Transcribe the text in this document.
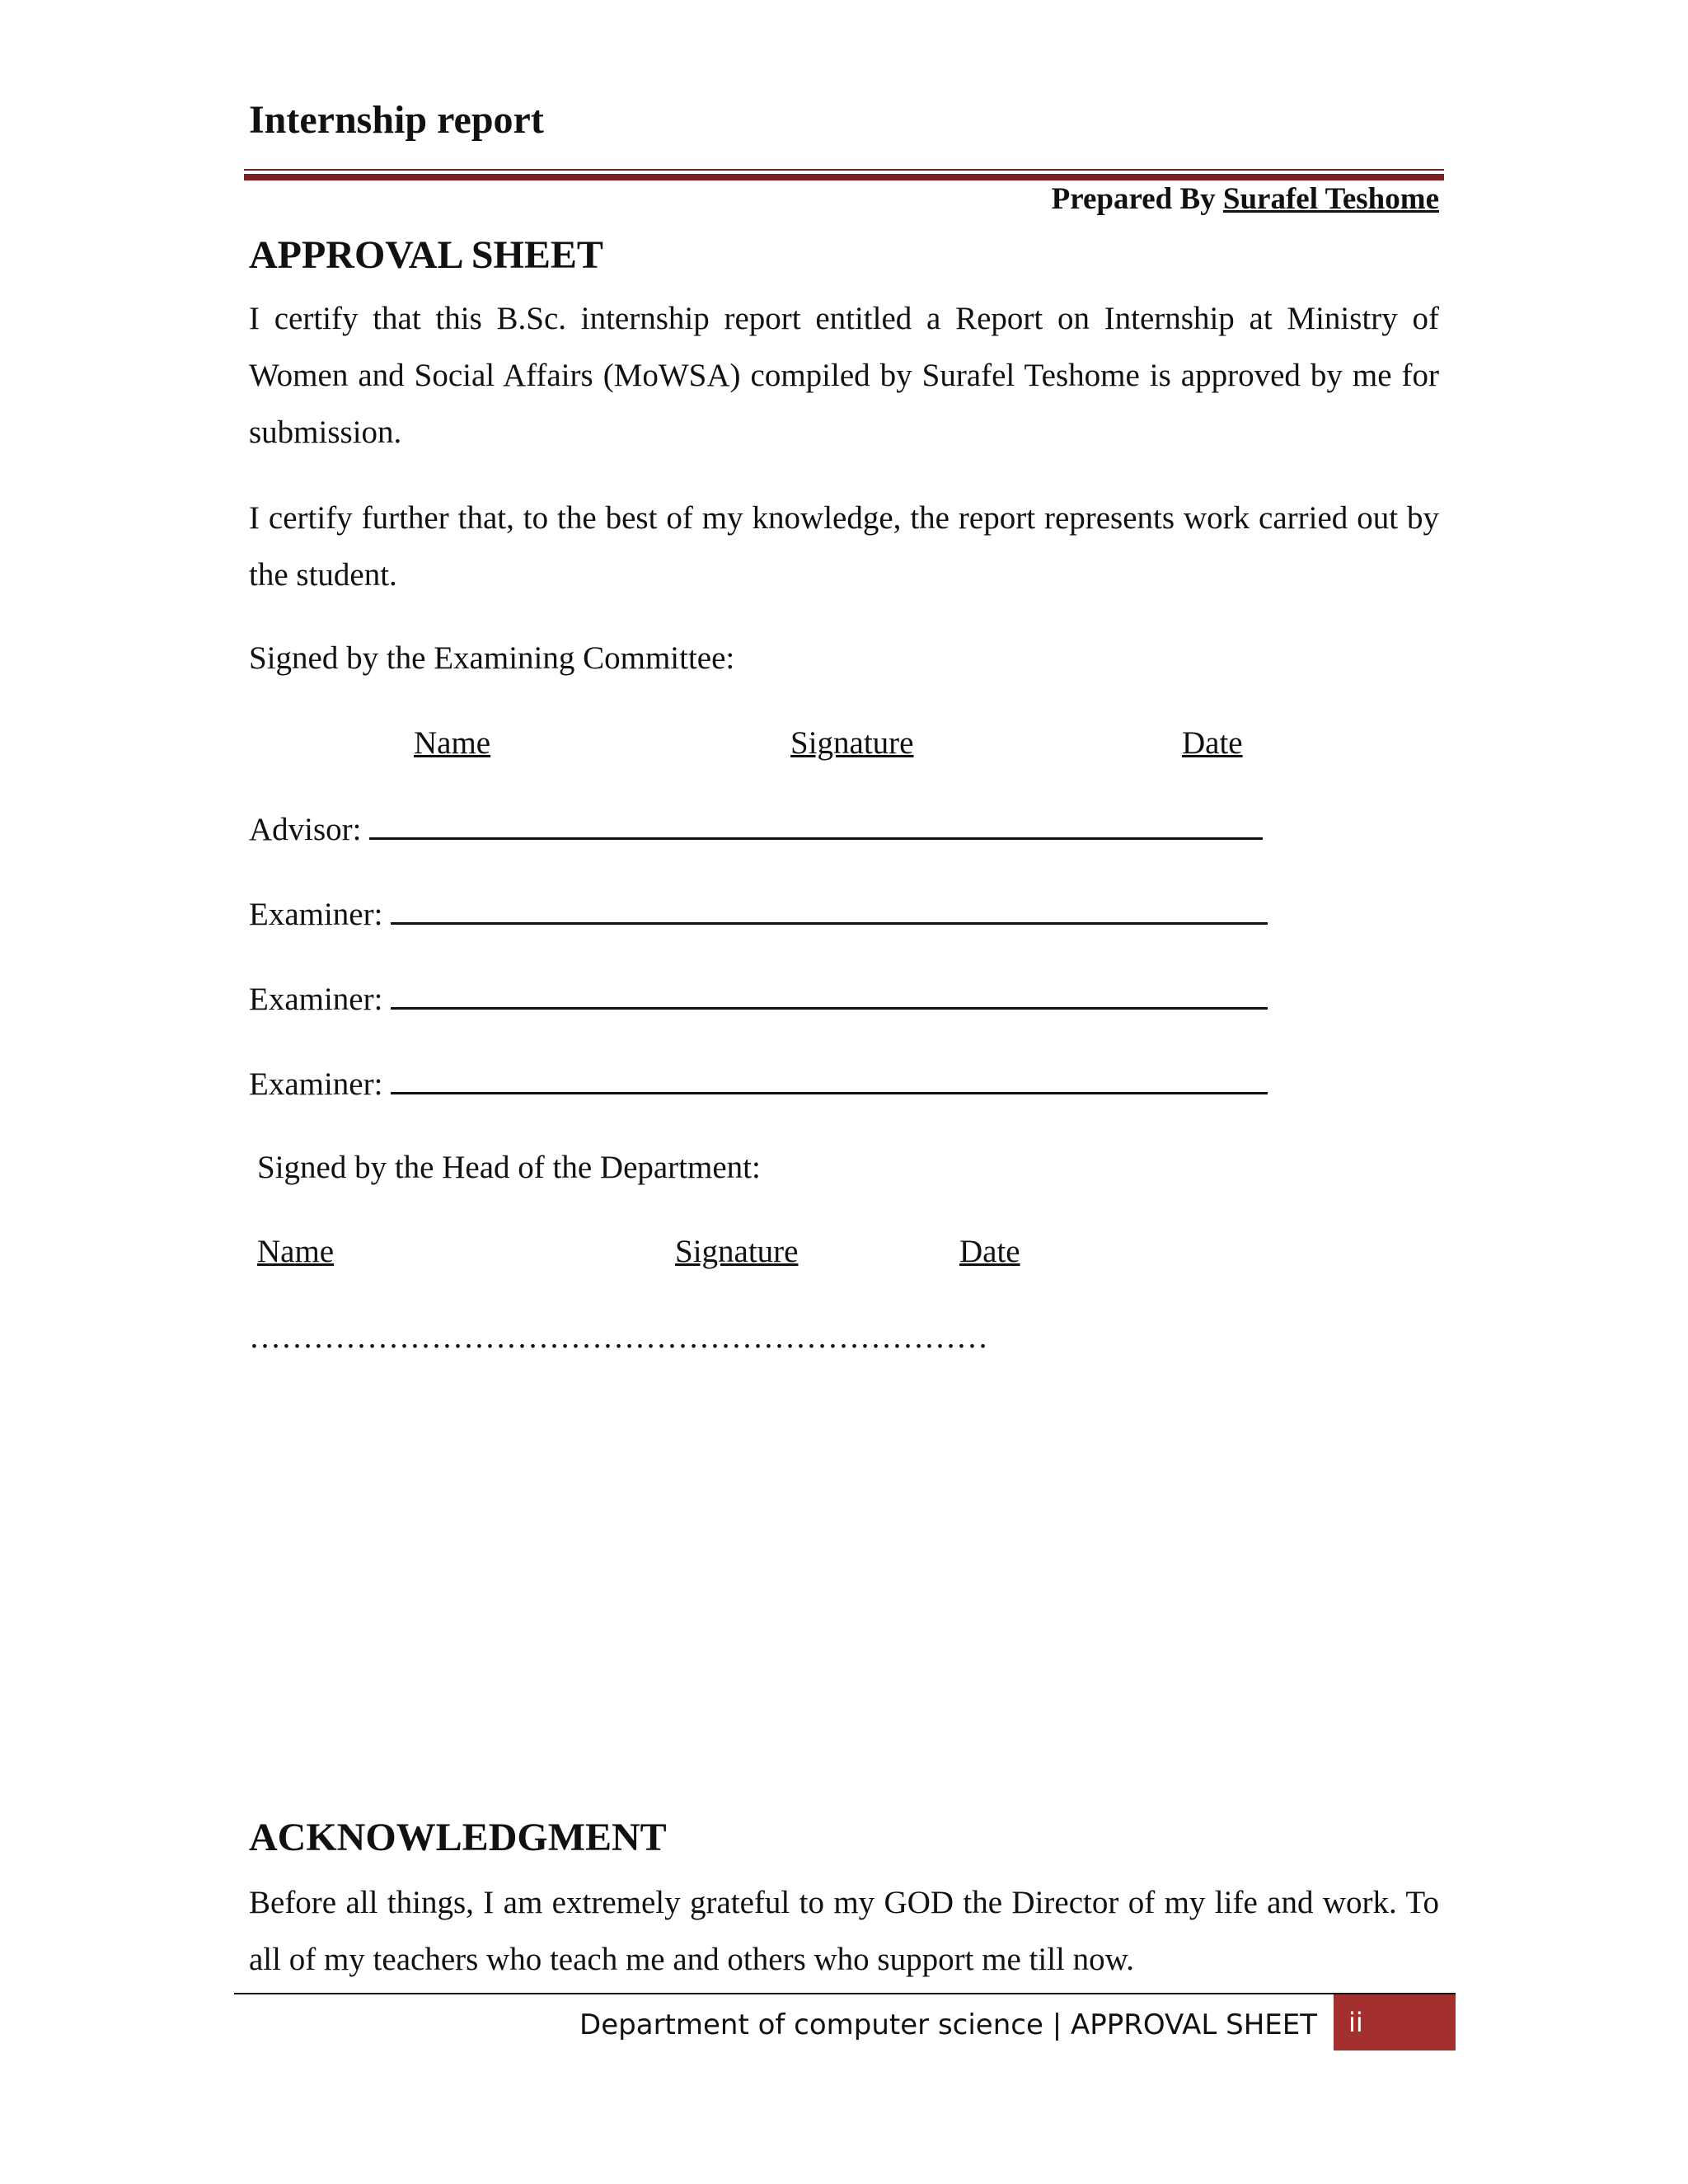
Internship report
Prepared By Surafel Teshome
APPROVAL SHEET
I certify that this B.Sc. internship report entitled a Report on Internship at Ministry of Women and Social Affairs (MoWSA) compiled by Surafel Teshome is approved by me for submission.
I certify further that, to the best of my knowledge, the report represents work carried out by the student.
Signed by the Examining Committee:
Name	Signature	Date
Advisor:
Examiner:
Examiner:
Examiner:
Signed by the Head of the Department:
Name	Signature	Date
……………………………………………………………
ACKNOWLEDGMENT
Before all things, I am extremely grateful to my GOD the Director of my life and work. To all of my teachers who teach me and others who support me till now.
Department of computer science | APPROVAL SHEET	ii
